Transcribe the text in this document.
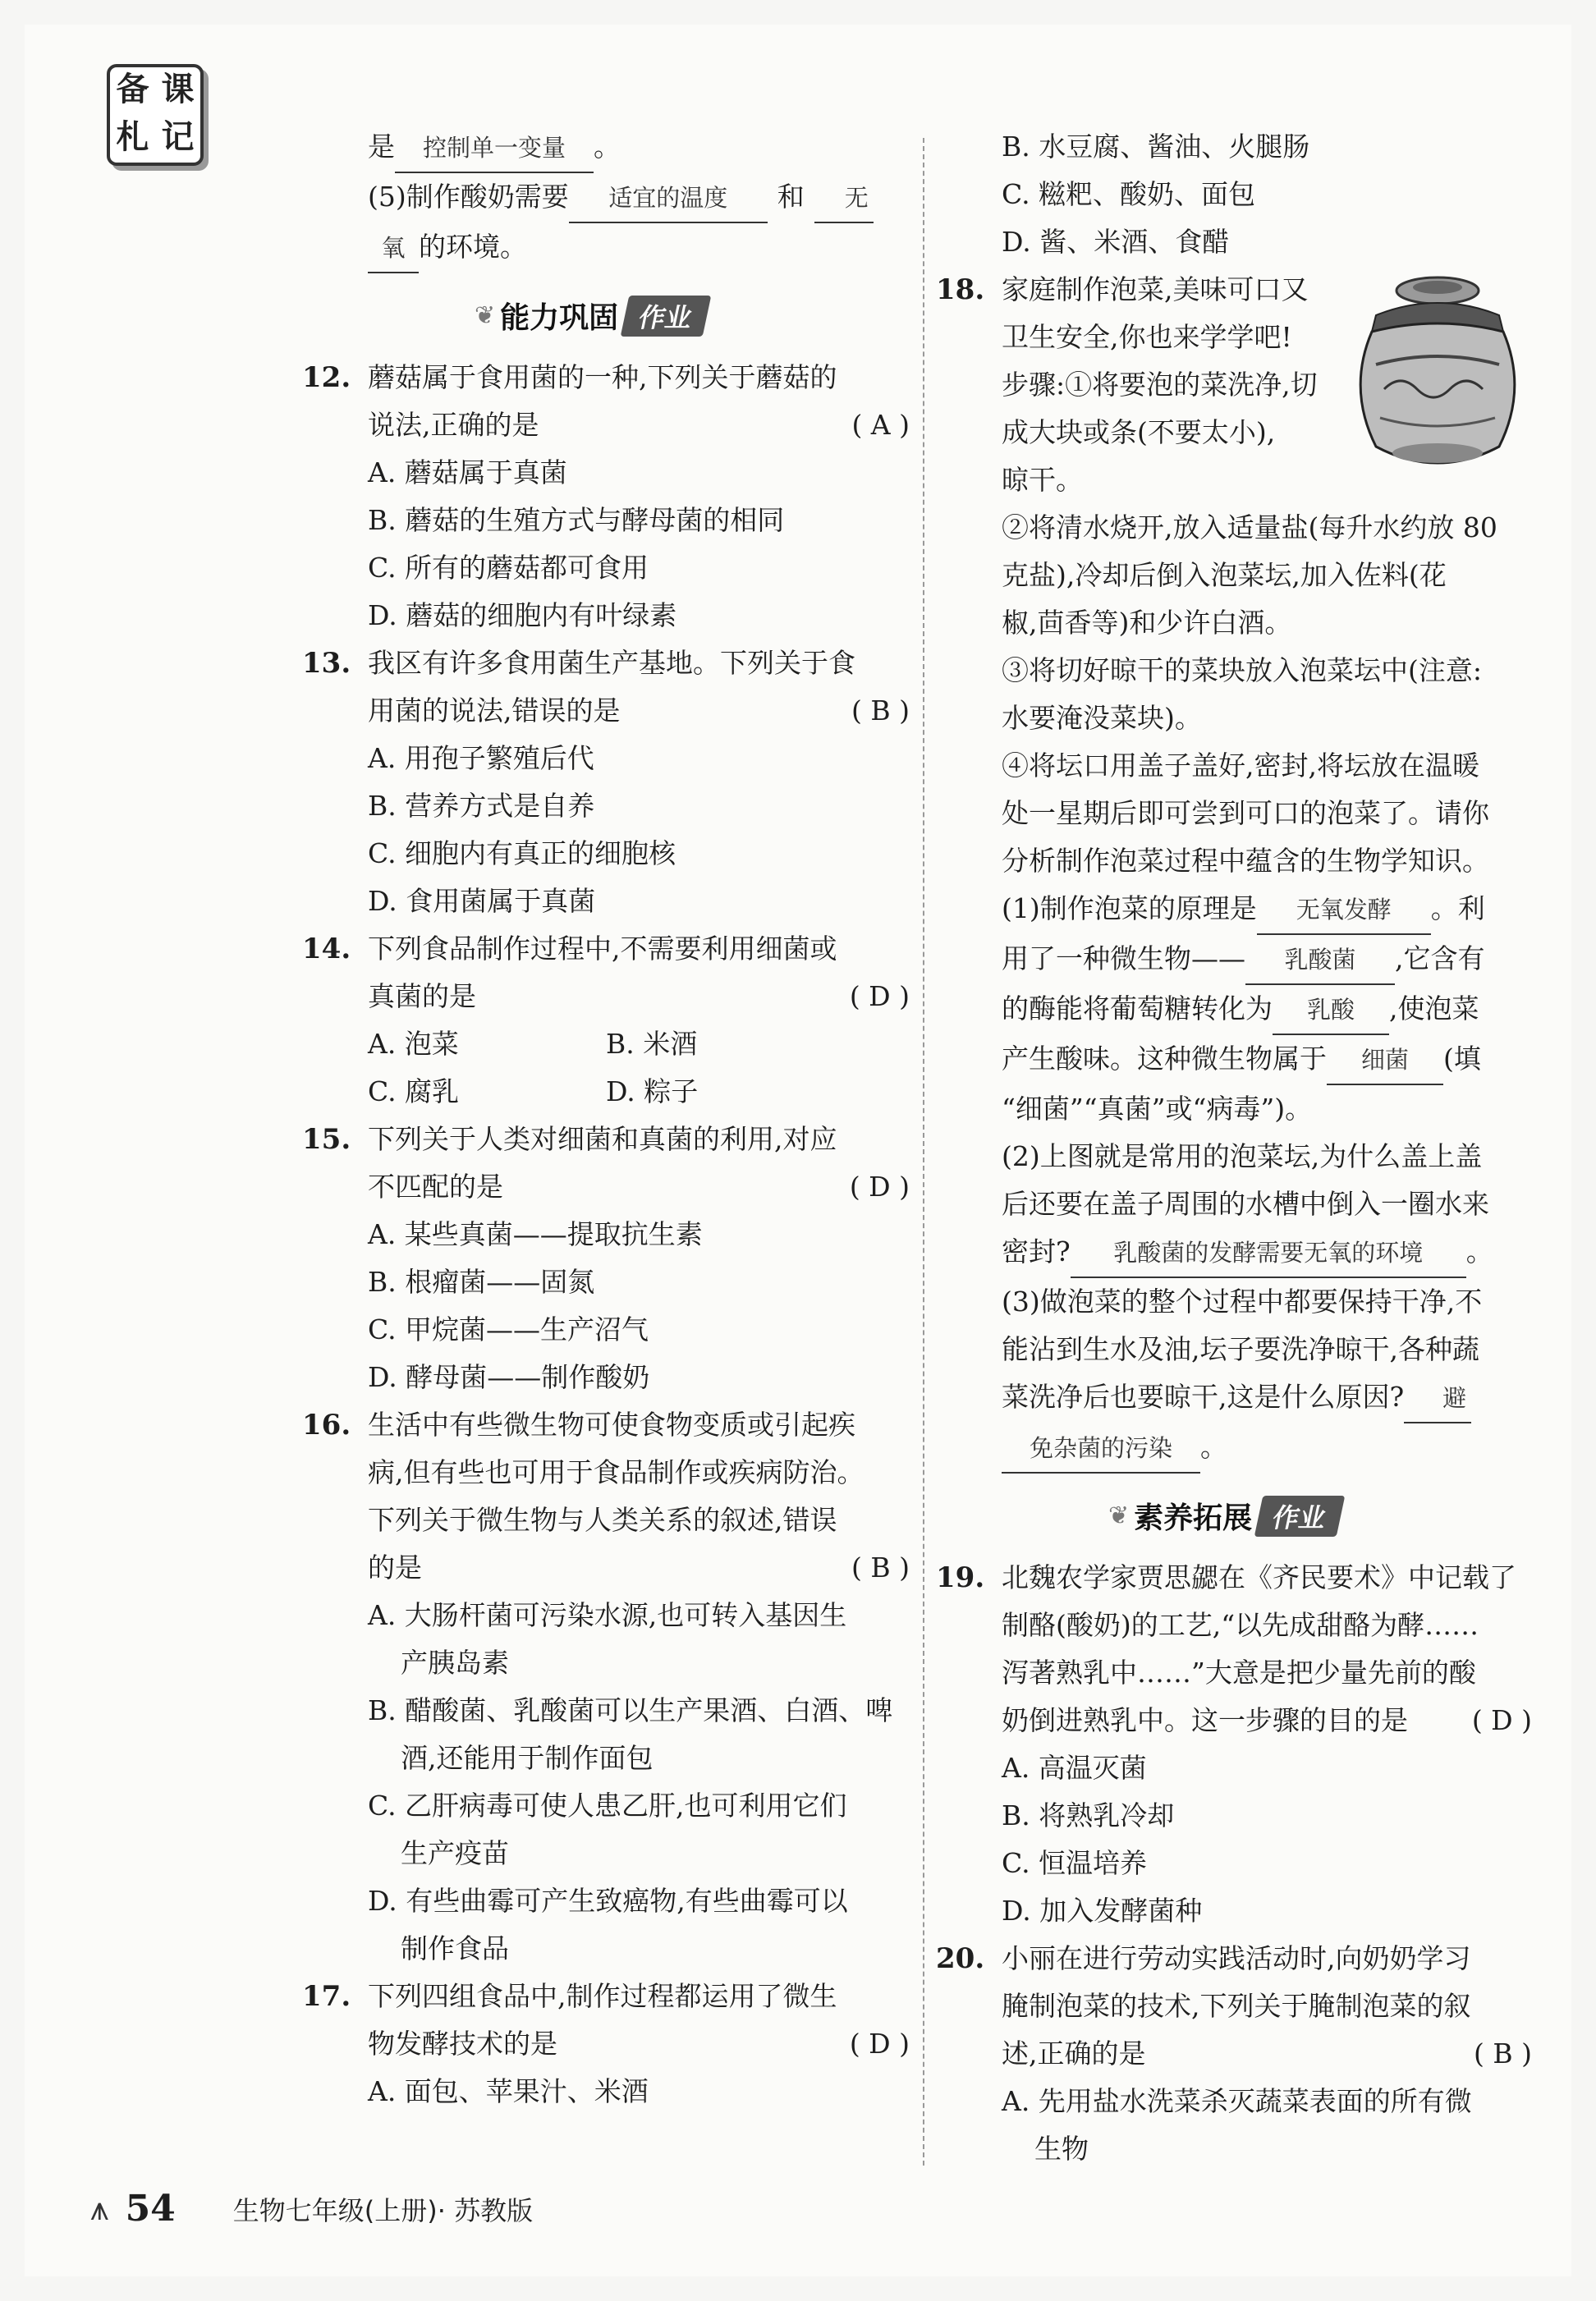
备 课
札 记	是 控制单一变量 。
(5)制作酸奶需要 适宜的温度 和 无
氧 的环境。
❦ 能力巩固 作业
12. 蘑菇属于食用菌的一种,下列关于蘑菇的
说法,正确的是	( A )
A. 蘑菇属于真菌
B. 蘑菇的生殖方式与酵母菌的相同
C. 所有的蘑菇都可食用
D. 蘑菇的细胞内有叶绿素
13. 我区有许多食用菌生产基地。下列关于食
用菌的说法,错误的是	( B )
A. 用孢子繁殖后代
B. 营养方式是自养
C. 细胞内有真正的细胞核
D. 食用菌属于真菌
14. 下列食品制作过程中,不需要利用细菌或
真菌的是	( D )
A. 泡菜	B. 米酒
C. 腐乳	D. 粽子
15. 下列关于人类对细菌和真菌的利用,对应
不匹配的是	( D )
A. 某些真菌——提取抗生素
B. 根瘤菌——固氮
C. 甲烷菌——生产沼气
D. 酵母菌——制作酸奶
16. 生活中有些微生物可使食物变质或引起疾
病,但有些也可用于食品制作或疾病防治。
下列关于微生物与人类关系的叙述,错误
的是	( B )
A. 大肠杆菌可污染水源,也可转入基因生
产胰岛素
B. 醋酸菌、乳酸菌可以生产果酒、白酒、啤
酒,还能用于制作面包
C. 乙肝病毒可使人患乙肝,也可利用它们
生产疫苗
D. 有些曲霉可产生致癌物,有些曲霉可以
制作食品
17. 下列四组食品中,制作过程都运用了微生
物发酵技术的是	( D )
A. 面包、苹果汁、米酒
B. 水豆腐、酱油、火腿肠
C. 糍粑、酸奶、面包
D. 酱、米酒、食醋
18. 家庭制作泡菜,美味可口又
卫生安全,你也来学学吧!
步骤:①将要泡的菜洗净,切
成大块或条(不要太小),
晾干。
②将清水烧开,放入适量盐(每升水约放 80
克盐),冷却后倒入泡菜坛,加入佐料(花
椒,茴香等)和少许白酒。
③将切好晾干的菜块放入泡菜坛中(注意:
水要淹没菜块)。
④将坛口用盖子盖好,密封,将坛放在温暖
处一星期后即可尝到可口的泡菜了。请你
分析制作泡菜过程中蕴含的生物学知识。
(1)制作泡菜的原理是 无氧发酵 。利
用了一种微生物—— 乳酸菌 ,它含有
的酶能将葡萄糖转化为 乳酸 ,使泡菜
产生酸味。这种微生物属于 细菌 (填
“细菌”“真菌”或“病毒”)。
(2)上图就是常用的泡菜坛,为什么盖上盖
后还要在盖子周围的水槽中倒入一圈水来
密封? 乳酸菌的发酵需要无氧的环境 。
(3)做泡菜的整个过程中都要保持干净,不
能沾到生水及油,坛子要洗净晾干,各种蔬
菜洗净后也要晾干,这是什么原因? 避
免杂菌的污染 。
❦ 素养拓展 作业
19. 北魏农学家贾思勰在《齐民要术》中记载了
制酪(酸奶)的工艺,“以先成甜酪为酵……
泻著熟乳中……”大意是把少量先前的酸
奶倒进熟乳中。这一步骤的目的是 ( D )
A. 高温灭菌
B. 将熟乳冷却
C. 恒温培养
D. 加入发酵菌种
20. 小丽在进行劳动实践活动时,向奶奶学习
腌制泡菜的技术,下列关于腌制泡菜的叙
述,正确的是	( B )
A. 先用盐水洗菜杀灭蔬菜表面的所有微
生物
⩚ 54 生物七年级(上册)· 苏教版
